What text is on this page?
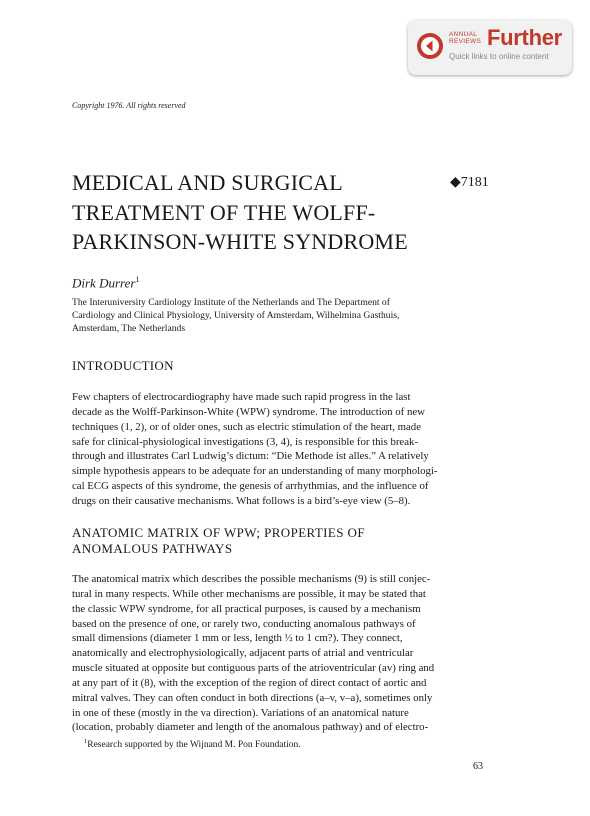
ANNUAL
REVIEWS Further
Quick links to online content
Copyright 1976. All rights reserved
MEDICAL AND SURGICAL
TREATMENT OF THE WOLFF-
PARKINSON-WHITE SYNDROME
◆7181
Dirk Durrer$^1$
The Interuniversity Cardiology Institute of the Netherlands and The Department of
Cardiology and Clinical Physiology, University of Amsterdam, Wilhelmina Gasthuis,
Amsterdam, The Netherlands
INTRODUCTION
Few chapters of electrocardiography have made such rapid progress in the last
decade as the Wolff-Parkinson-White (WPW) syndrome. The introduction of new
techniques (1, 2), or of older ones, such as electric stimulation of the heart, made
safe for clinical-physiological investigations (3, 4), is responsible for this break-
through and illustrates Carl Ludwig’s dictum: “Die Methode ist alles.” A relatively
simple hypothesis appears to be adequate for an understanding of many morphologi-
cal ECG aspects of this syndrome, the genesis of arrhythmias, and the influence of
drugs on their causative mechanisms. What follows is a bird’s-eye view (5–8).
ANATOMIC MATRIX OF WPW; PROPERTIES OF
ANOMALOUS PATHWAYS
The anatomical matrix which describes the possible mechanisms (9) is still conjec-
tural in many respects. While other mechanisms are possible, it may be stated that
the classic WPW syndrome, for all practical purposes, is caused by a mechanism
based on the presence of one, or rarely two, conducting anomalous pathways of
small dimensions (diameter 1 mm or less, length ½ to 1 cm?). They connect,
anatomically and electrophysiologically, adjacent parts of atrial and ventricular
muscle situated at opposite but contiguous parts of the atrioventricular (av) ring and
at any part of it (8), with the exception of the region of direct contact of aortic and
mitral valves. They can often conduct in both directions (a–v, v–a), sometimes only
in one of these (mostly in the va direction). Variations of an anatomical nature
(location, probably diameter and length of the anomalous pathway) and of electro-
$^1$Research supported by the Wijnand M. Pon Foundation.
63
